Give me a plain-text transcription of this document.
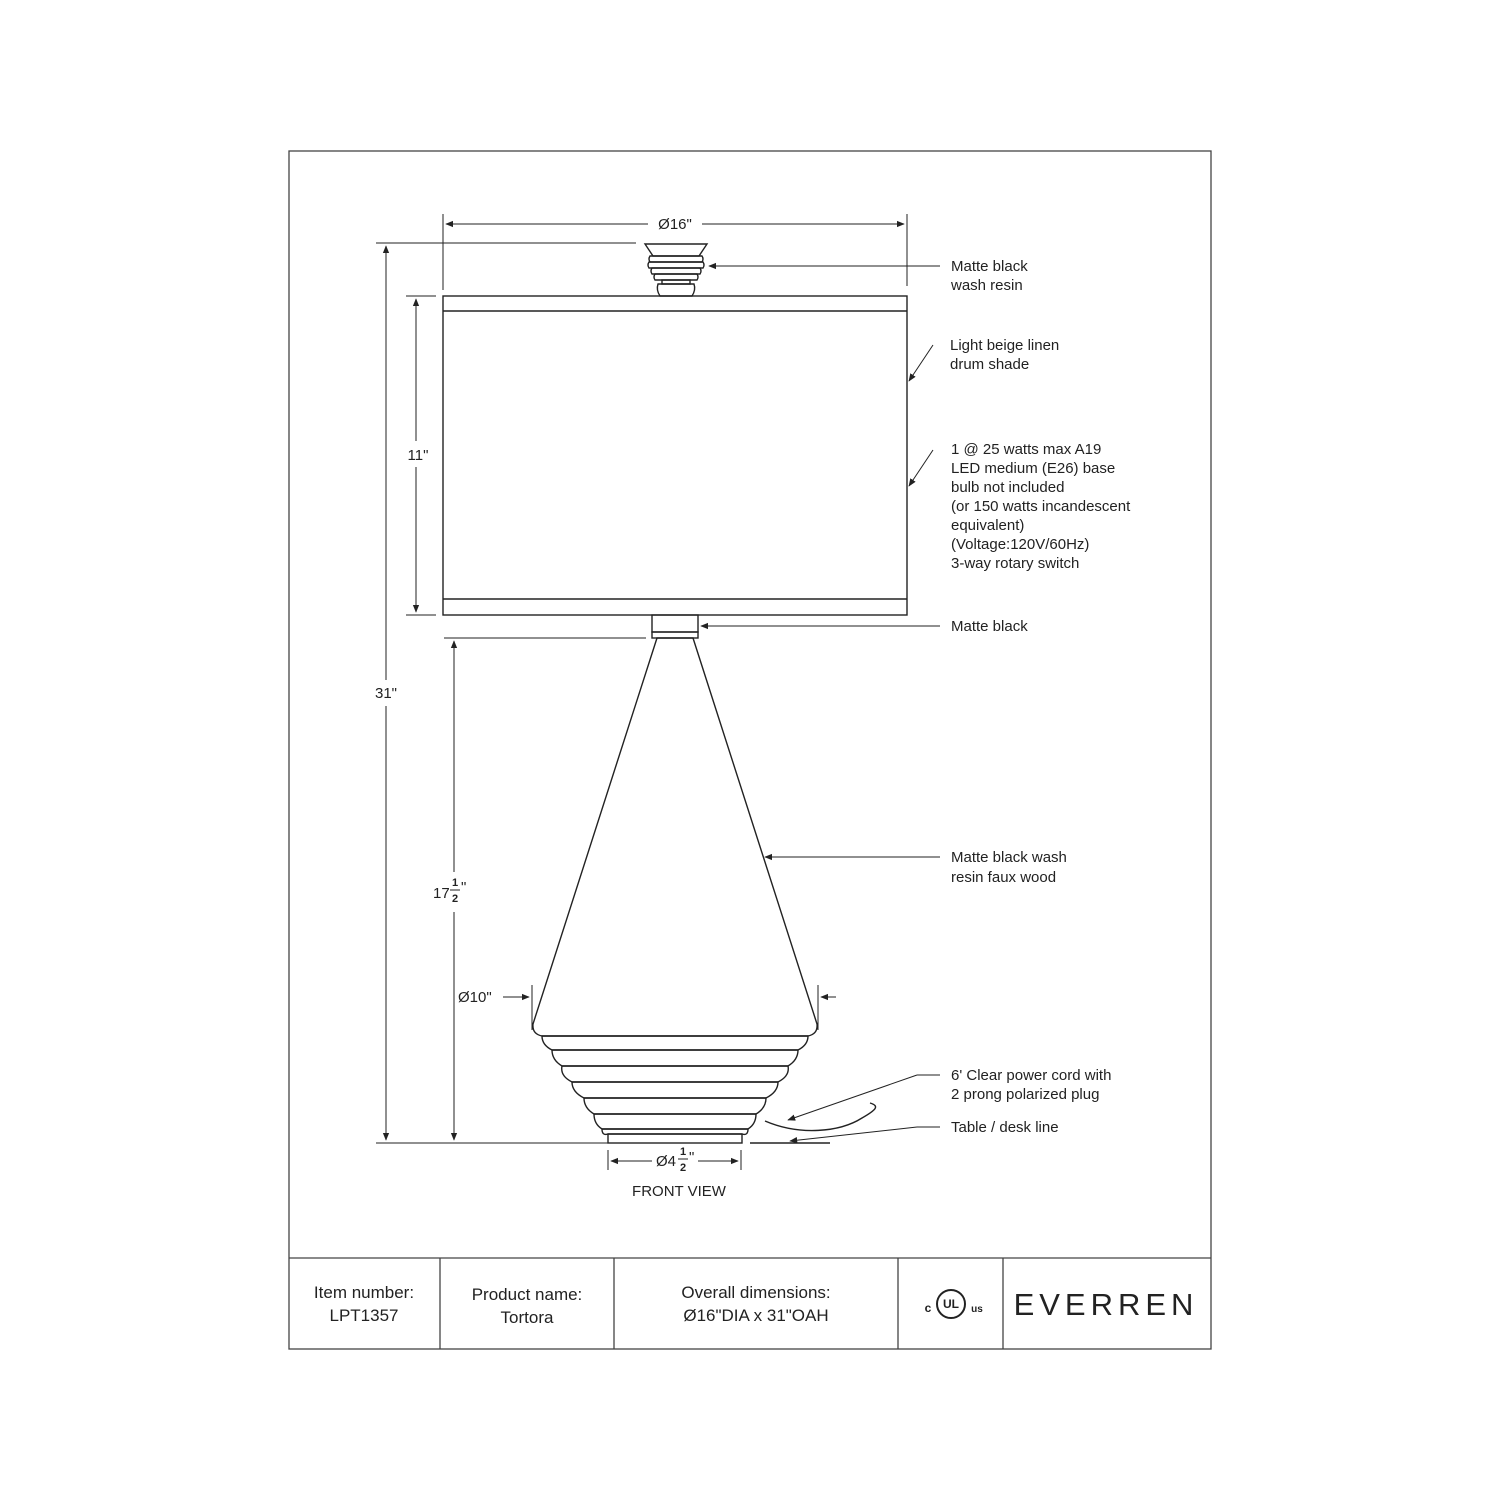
Ø16"
31"
11"
17
1
2
"
Ø10"
Ø4
1
2
"
FRONT VIEW
Matte black
wash resin
Light beige linen
drum shade
1 @ 25 watts max A19
LED medium (E26) base
bulb not included
(or 150 watts incandescent
equivalent)
(Voltage:120V/60Hz)
3-way rotary switch
Matte black
Matte black wash
resin faux wood
6' Clear power cord with
2 prong polarized plug
Table / desk line
Item number:
LPT1357
Product name:
Tortora
Overall dimensions:
Ø16"DIA x 31"OAH	c UL us EVERREN
